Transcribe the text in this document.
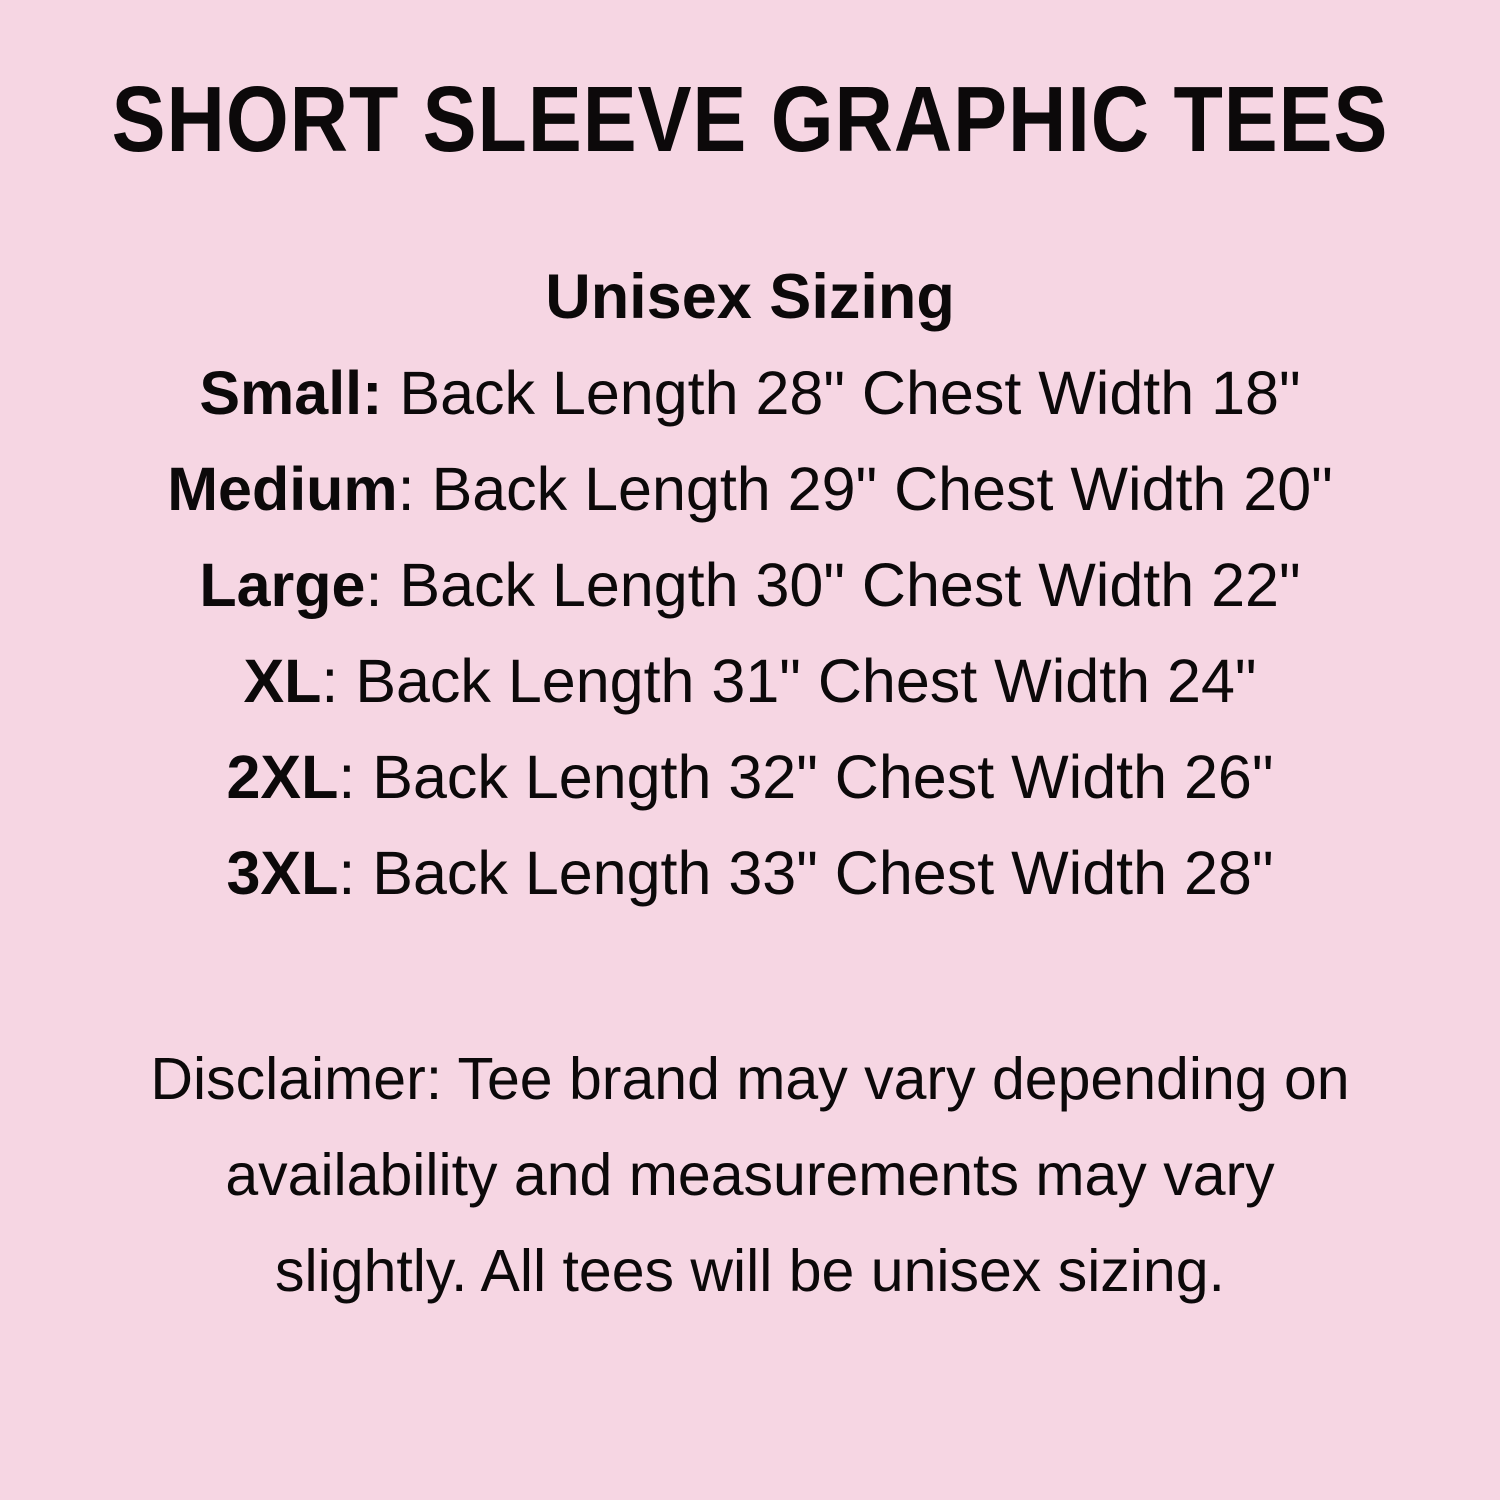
SHORT SLEEVE GRAPHIC TEES
Unisex Sizing
Small: Back Length 28" Chest Width 18"
Medium: Back Length 29" Chest Width 20"
Large: Back Length 30" Chest Width 22"
XL: Back Length 31" Chest Width 24"
2XL: Back Length 32" Chest Width 26"
3XL: Back Length 33" Chest Width 28"
Disclaimer: Tee brand may vary depending on
availability and measurements may vary
slightly. All tees will be unisex sizing.
